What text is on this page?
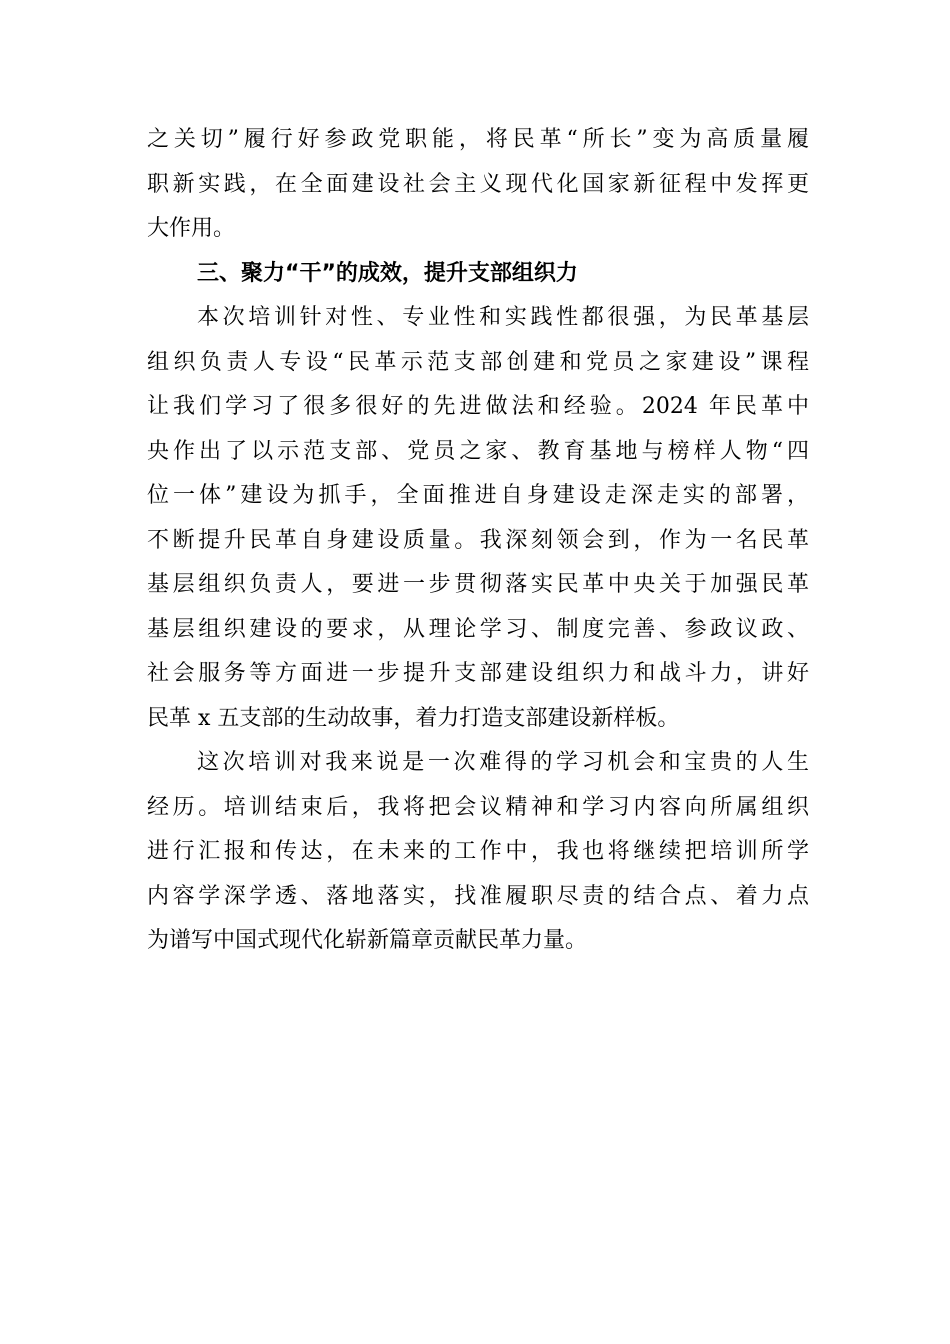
之关切”履行好参政党职能，将民革“所长”变为高质量履
职新实践，在全面建设社会主义现代化国家新征程中发挥更
大作用。
三、聚力“干”的成效，提升支部组织力
本次培训针对性、专业性和实践性都很强，为民革基层
组织负责人专设“民革示范支部创建和党员之家建设”课程
让我们学习了很多很好的先进做法和经验。2024 年民革中
央作出了以示范支部、党员之家、教育基地与榜样人物“四
位一体”建设为抓手，全面推进自身建设走深走实的部署，
不断提升民革自身建设质量。我深刻领会到，作为一名民革
基层组织负责人，要进一步贯彻落实民革中央关于加强民革
基层组织建设的要求，从理论学习、制度完善、参政议政、
社会服务等方面进一步提升支部建设组织力和战斗力，讲好
民革 x 五支部的生动故事，着力打造支部建设新样板。
这次培训对我来说是一次难得的学习机会和宝贵的人生
经历。培训结束后，我将把会议精神和学习内容向所属组织
进行汇报和传达，在未来的工作中，我也将继续把培训所学
内容学深学透、落地落实，找准履职尽责的结合点、着力点
为谱写中国式现代化崭新篇章贡献民革力量。
